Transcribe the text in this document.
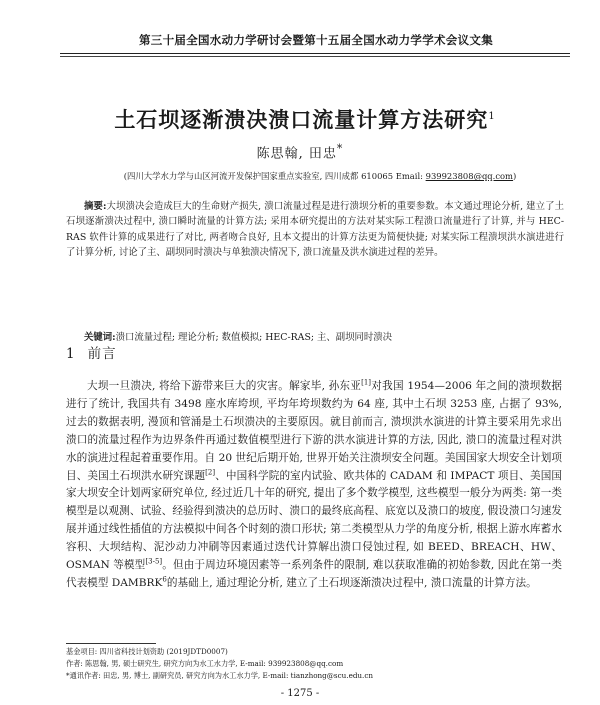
第三十届全国水动力学研讨会暨第十五届全国水动力学学术会议文集
土石坝逐渐溃决溃口流量计算方法研究$^1$
陈思翰, 田忠*
(四川大学水力学与山区河流开发保护国家重点实验室, 四川成都 610065 Email: 939923808@qq.com)
摘要:大坝溃决会造成巨大的生命财产损失, 溃口流量过程是进行溃坝分析的重要参数。本文通过理论分析, 建立了土石坝逐渐溃决过程中, 溃口瞬时流量的计算方法; 采用本研究提出的方法对某实际工程溃口流量进行了计算, 并与 HEC-RAS 软件计算的成果进行了对比, 两者吻合良好, 且本文提出的计算方法更为简便快捷; 对某实际工程溃坝洪水演进进行了计算分析, 讨论了主、副坝同时溃决与单独溃决情况下, 溃口流量及洪水演进过程的差异。
关键词:溃口流量过程; 理论分析; 数值模拟; HEC-RAS; 主、副坝同时溃决
1 前言
大坝一旦溃决, 将给下游带来巨大的灾害。解家毕, 孙东亚[1]对我国 1954—2006 年之间的溃坝数据进行了统计, 我国共有 3498 座水库垮坝, 平均年垮坝数约为 64 座, 其中土石坝 3253 座, 占据了 93%, 过去的数据表明, 漫顶和管涌是土石坝溃决的主要原因。就目前而言, 溃坝洪水演进的计算主要采用先求出溃口的流量过程作为边界条件再通过数值模型进行下游的洪水演进计算的方法, 因此, 溃口的流量过程对洪水的演进过程起着重要作用。自 20 世纪后期开始, 世界开始关注溃坝安全问题。美国国家大坝安全计划项目、美国土石坝洪水研究课题[2]、中国科学院的室内试验、欧共体的 CADAM 和 IMPACT 项目、美国国家大坝安全计划两家研究单位, 经过近几十年的研究, 提出了多个数学模型, 这些模型一般分为两类: 第一类模型是以观测、试验、经验得到溃决的总历时、溃口的最终底高程、底宽以及溃口的坡度, 假设溃口匀速发展并通过线性插值的方法模拟中间各个时刻的溃口形状; 第二类模型从力学的角度分析, 根据上游水库蓄水容积、大坝结构、泥沙动力冲刷等因素通过迭代计算解出溃口侵蚀过程, 如 BEED、BREACH、HW、OSMAN 等模型[3-5]。但由于周边环境因素等一系列条件的限制, 难以获取准确的初始参数, 因此在第一类代表模型 DAMBRK$^6$的基础上, 通过理论分析, 建立了土石坝逐渐溃决过程中, 溃口流量的计算方法。
基金项目: 四川省科技计划资助 (2019JDTD0007)
作者: 陈思翰, 男, 硕士研究生, 研究方向为水工水力学, E-mail: 939923808@qq.com
*通讯作者: 田忠, 男, 博士, 副研究员, 研究方向为水工水力学, E-mail: tianzhong@scu.edu.cn
- 1275 -
